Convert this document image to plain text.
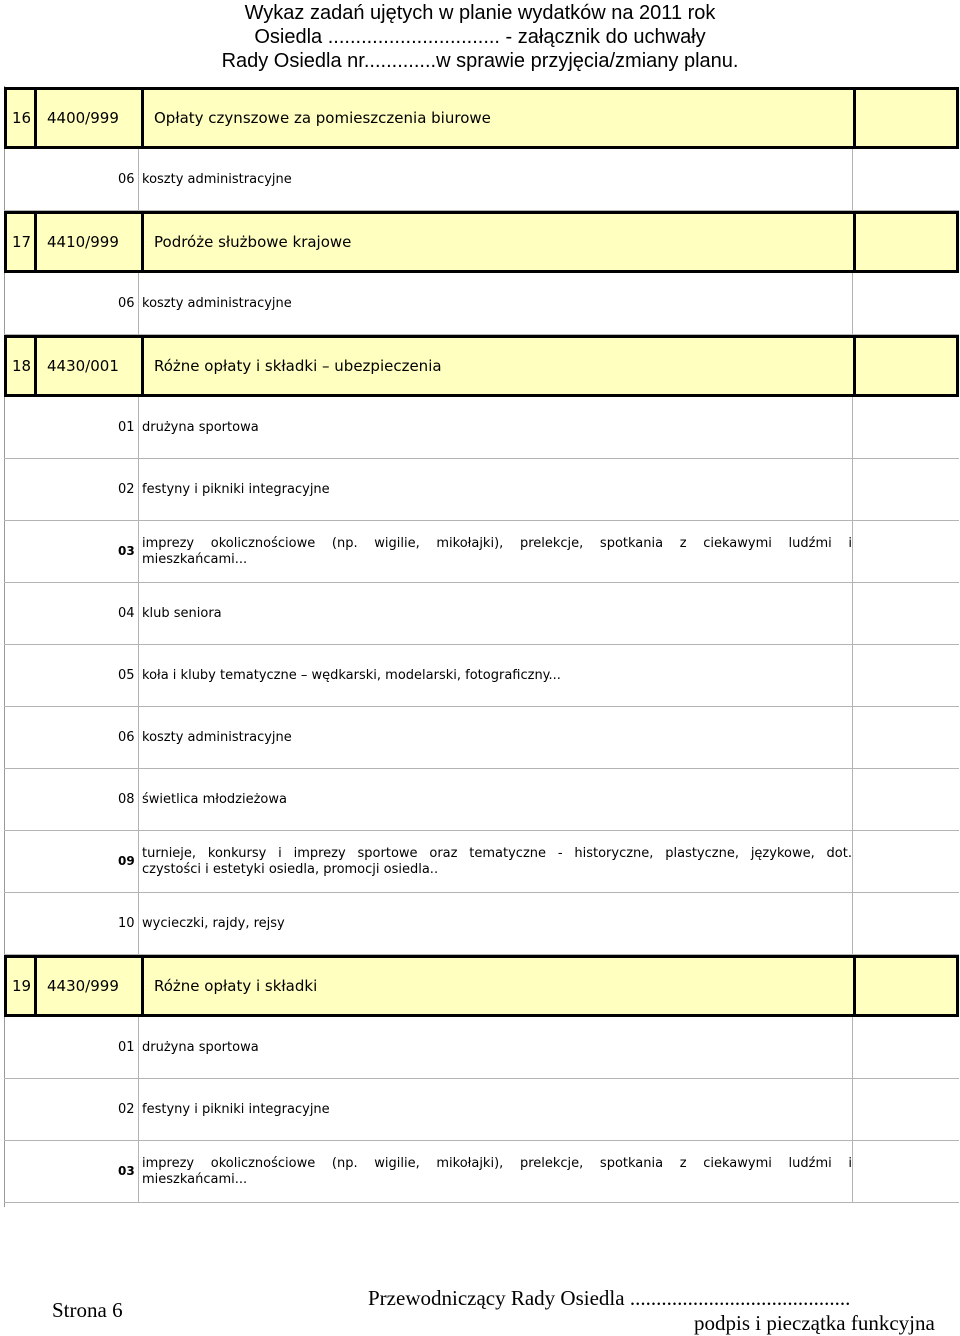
Wykaz zadań ujętych w planie wydatków na 2011 rok
Osiedla ............................... - załącznik do uchwały
Rady Osiedla nr.............w sprawie przyjęcia/zmiany planu.
16 4400/999 Opłaty czynszowe za pomieszczenia biurowe
06 koszty administracyjne
17 4410/999 Podróże służbowe krajowe
06 koszty administracyjne
18 4430/001 Różne opłaty i składki – ubezpieczenia
01 drużyna sportowa
02 festyny i pikniki integracyjne
03 imprezy okolicznościowe (np. wigilie, mikołajki), prelekcje, spotkania z ciekawymi ludźmi i
mieszkańcami...
04 klub seniora
05 koła i kluby tematyczne – wędkarski, modelarski, fotograficzny...
06 koszty administracyjne
08 świetlica młodzieżowa
09 turnieje, konkursy i imprezy sportowe oraz tematyczne - historyczne, plastyczne, językowe, dot.
czystości i estetyki osiedla, promocji osiedla..
10 wycieczki, rajdy, rejsy
19 4430/999 Różne opłaty i składki
01 drużyna sportowa
02 festyny i pikniki integracyjne
03 imprezy okolicznościowe (np. wigilie, mikołajki), prelekcje, spotkania z ciekawymi ludźmi i
mieszkańcami...
Strona 6	Przewodniczący Rady Osiedla ..........................................
podpis i pieczątka funkcyjna
